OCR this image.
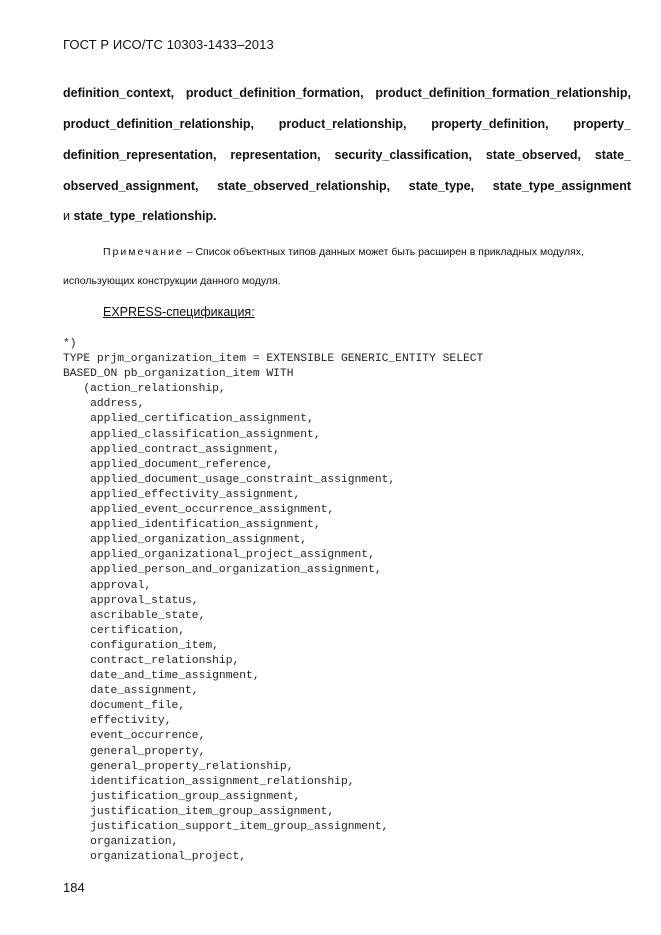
ГОСТ Р ИСО/ТС 10303-1433–2013
definition_context, product_definition_formation, product_definition_formation_relationship,
product_definition_relationship, product_relationship, property_definition, property_
definition_representation, representation, security_classification, state_observed, state_
observed_assignment, state_observed_relationship, state_type, state_type_assignment
и state_type_relationship.
Примечание – Список объектных типов данных может быть расширен в прикладных модулях,
использующих конструкции данного модуля.
EXPRESS-спецификация:
*)
TYPE prjm_organization_item = EXTENSIBLE GENERIC_ENTITY SELECT
BASED_ON pb_organization_item WITH
(action_relationship,
address,
applied_certification_assignment,
applied_classification_assignment,
applied_contract_assignment,
applied_document_reference,
applied_document_usage_constraint_assignment,
applied_effectivity_assignment,
applied_event_occurrence_assignment,
applied_identification_assignment,
applied_organization_assignment,
applied_organizational_project_assignment,
applied_person_and_organization_assignment,
approval,
approval_status,
ascribable_state,
certification,
configuration_item,
contract_relationship,
date_and_time_assignment,
date_assignment,
document_file,
effectivity,
event_occurrence,
general_property,
general_property_relationship,
identification_assignment_relationship,
justification_group_assignment,
justification_item_group_assignment,
justification_support_item_group_assignment,
organization,
organizational_project,
184
